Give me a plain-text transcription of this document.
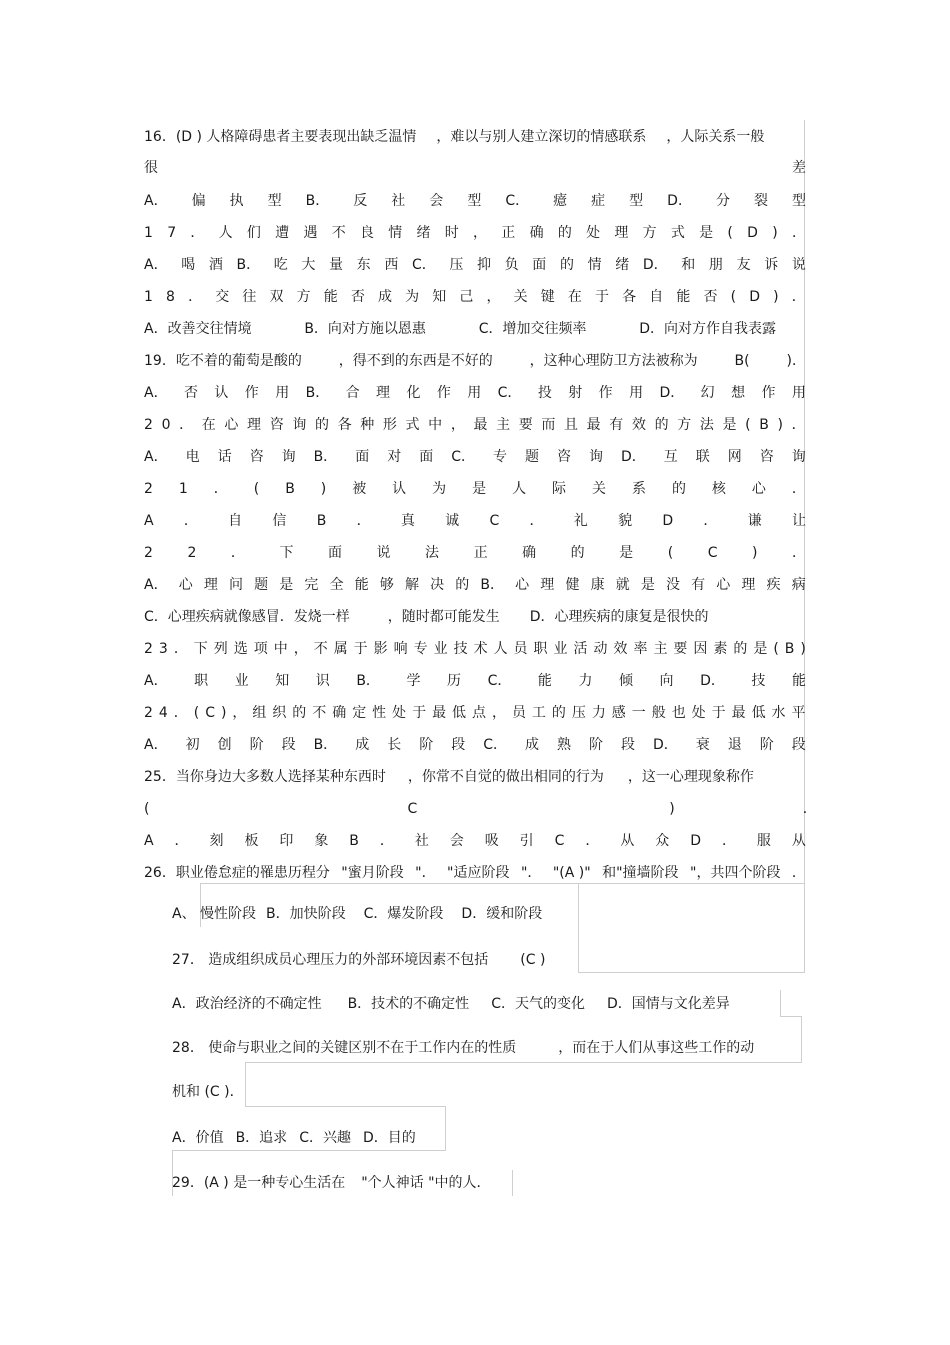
16．(D ) 人格障碍患者主要表现出缺乏温情 ，难以与别人建立深切的情感联系 ，人际关系一般
很	差
A． 偏 执 型 B． 反 社 会 型 C． 癔 症 型 D． 分 裂 型
1 7 ． 人 们 遭 遇 不 良 情 绪 时 ， 正 确 的 处 理 方 式 是 ( D ) ．
A． 喝 酒 B． 吃 大 量 东 西 C． 压 抑 负 面 的 情 绪 D． 和 朋 友 诉 说
1 8 ． 交 往 双 方 能 否 成 为 知 己 ， 关 键 在 于 各 自 能 否 ( D ) ．
A．改善交往情境	B．向对方施以恩惠	C．增加交往频率	D．向对方作自我表露
19．吃不着的葡萄是酸的	，得不到的东西是不好的	，这种心理防卫方法被称为	B(	)．
A． 否 认 作 用 B． 合 理 化 作 用 C． 投 射 作 用 D． 幻 想 作 用
2 0 ． 在 心 理 咨 询 的 各 种 形 式 中 ， 最 主 要 而 且 最 有 效 的 方 法 是 ( B ) ．
A． 电 话 咨 询 B． 面 对 面 C． 专 题 咨 询 D． 互 联 网 咨 询
2 1 ． ( B ) 被 认 为 是 人 际 关 系 的 核 心 ．
A ． 自 信 B ． 真 诚 C ． 礼 貌 D ． 谦 让
2 2 ． 下 面 说 法 正 确 的 是 ( C ) ．
A． 心 理 问 题 是 完 全 能 够 解 决 的 B． 心 理 健 康 就 是 没 有 心 理 疾 病
C．心理疾病就像感冒．发烧一样	，随时都可能发生 D．心理疾病的康复是很快的
2 3 ． 下 列 选 项 中 ， 不 属 于 影 响 专 业 技 术 人 员 职 业 活 动 效 率 主 要 因 素 的 是 ( B )
A． 职 业 知 识 B． 学 历 C． 能 力 倾 向 D． 技 能
2 4 ． ( C ) ， 组 织 的 不 确 定 性 处 于 最 低 点 ， 员 工 的 压 力 感 一 般 也 处 于 最 低 水 平
A． 初 创 阶 段 B． 成 长 阶 段 C． 成 熟 阶 段 D． 衰 退 阶 段
25．当你身边大多数人选择某种东西时 ，你常不自觉的做出相同的行为 ，这一心理现象称作
(	C	)	．
A ． 刻 板 印 象 B ． 社 会 吸 引 C ． 从 众 D ． 服 从
26．职业倦怠症的罹患历程分 "蜜月阶段 "． "适应阶段 "． "(A )" 和"撞墙阶段 "，共四个阶段 ．
A、 慢性阶段 B．加快阶段 C．爆发阶段 D．缓和阶段
27． 造成组织成员心理压力的外部环境因素不包括 (C )
A．政治经济的不确定性 B．技术的不确定性 C．天气的变化 D．国情与文化差异
28． 使命与职业之间的关键区别不在于工作内在的性质	，而在于人们从事这些工作的动
机和 (C )．
A．价值 B．追求 C．兴趣 D．目的
29．(A ) 是一种专心生活在 "个人神话 "中的人．
